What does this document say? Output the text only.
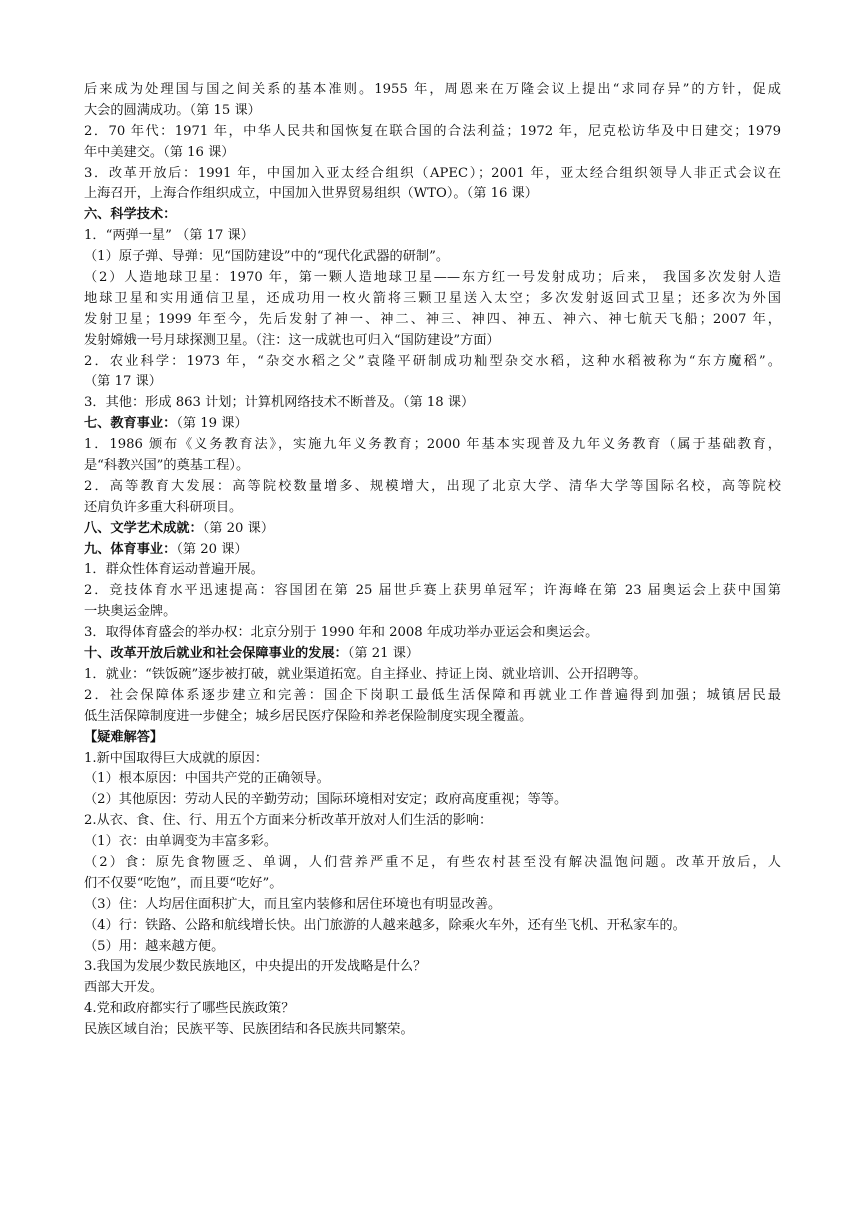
后来成为处理国与国之间关系的基本准则。1955 年，周恩来在万隆会议上提出“求同存异”的方针，促成
大会的圆满成功。（第 15 课）
2．70 年代：1971 年，中华人民共和国恢复在联合国的合法利益；1972 年，尼克松访华及中日建交；1979
年中美建交。（第 16 课）
3．改革开放后：1991 年，中国加入亚太经合组织（APEC）；2001 年，亚太经合组织领导人非正式会议在
上海召开，上海合作组织成立，中国加入世界贸易组织（WTO）。（第 16 课）
六、科学技术：
1．“两弹一星” （第 17 课）
（1）原子弹、导弹：见“国防建设”中的“现代化武器的研制”。
（2）人造地球卫星：1970 年，第一颗人造地球卫星——东方红一号发射成功；后来， 我国多次发射人造
地球卫星和实用通信卫星，还成功用一枚火箭将三颗卫星送入太空；多次发射返回式卫星；还多次为外国
发射卫星；1999 年至今，先后发射了神一、神二、神三、神四、神五、神六、神七航天飞船；2007 年，
发射嫦娥一号月球探测卫星。（注：这一成就也可归入“国防建设”方面）
2．农业科学：1973 年，“杂交水稻之父”袁隆平研制成功籼型杂交水稻，这种水稻被称为“东方魔稻”。
（第 17 课）
3．其他：形成 863 计划；计算机网络技术不断普及。（第 18 课）
七、教育事业：（第 19 课）
1．1986 颁布《义务教育法》，实施九年义务教育；2000 年基本实现普及九年义务教育（属于基础教育，
是“科教兴国”的奠基工程）。
2．高等教育大发展：高等院校数量增多、规模增大，出现了北京大学、清华大学等国际名校，高等院校
还肩负许多重大科研项目。
八、文学艺术成就：（第 20 课）
九、体育事业：（第 20 课）
1．群众性体育运动普遍开展。
2．竞技体育水平迅速提高：容国团在第 25 届世乒赛上获男单冠军；许海峰在第 23 届奥运会上获中国第
一块奥运金牌。
3．取得体育盛会的举办权：北京分别于 1990 年和 2008 年成功举办亚运会和奥运会。
十、改革开放后就业和社会保障事业的发展：（第 21 课）
1．就业：“铁饭碗”逐步被打破，就业渠道拓宽。自主择业、持证上岗、就业培训、公开招聘等。
2．社会保障体系逐步建立和完善：国企下岗职工最低生活保障和再就业工作普遍得到加强；城镇居民最
低生活保障制度进一步健全；城乡居民医疗保险和养老保险制度实现全覆盖。
【疑难解答】
1.新中国取得巨大成就的原因：
（1）根本原因：中国共产党的正确领导。
（2）其他原因：劳动人民的辛勤劳动；国际环境相对安定；政府高度重视；等等。
2.从衣、食、住、行、用五个方面来分析改革开放对人们生活的影响：
（1）衣：由单调变为丰富多彩。
（2）食：原先食物匮乏、单调，人们营养严重不足，有些农村甚至没有解决温饱问题。改革开放后，人
们不仅要“吃饱”，而且要“吃好”。
（3）住：人均居住面积扩大，而且室内装修和居住环境也有明显改善。
（4）行：铁路、公路和航线增长快。出门旅游的人越来越多，除乘火车外，还有坐飞机、开私家车的。
（5）用：越来越方便。
3.我国为发展少数民族地区，中央提出的开发战略是什么？
西部大开发。
4.党和政府都实行了哪些民族政策？
民族区域自治；民族平等、民族团结和各民族共同繁荣。
